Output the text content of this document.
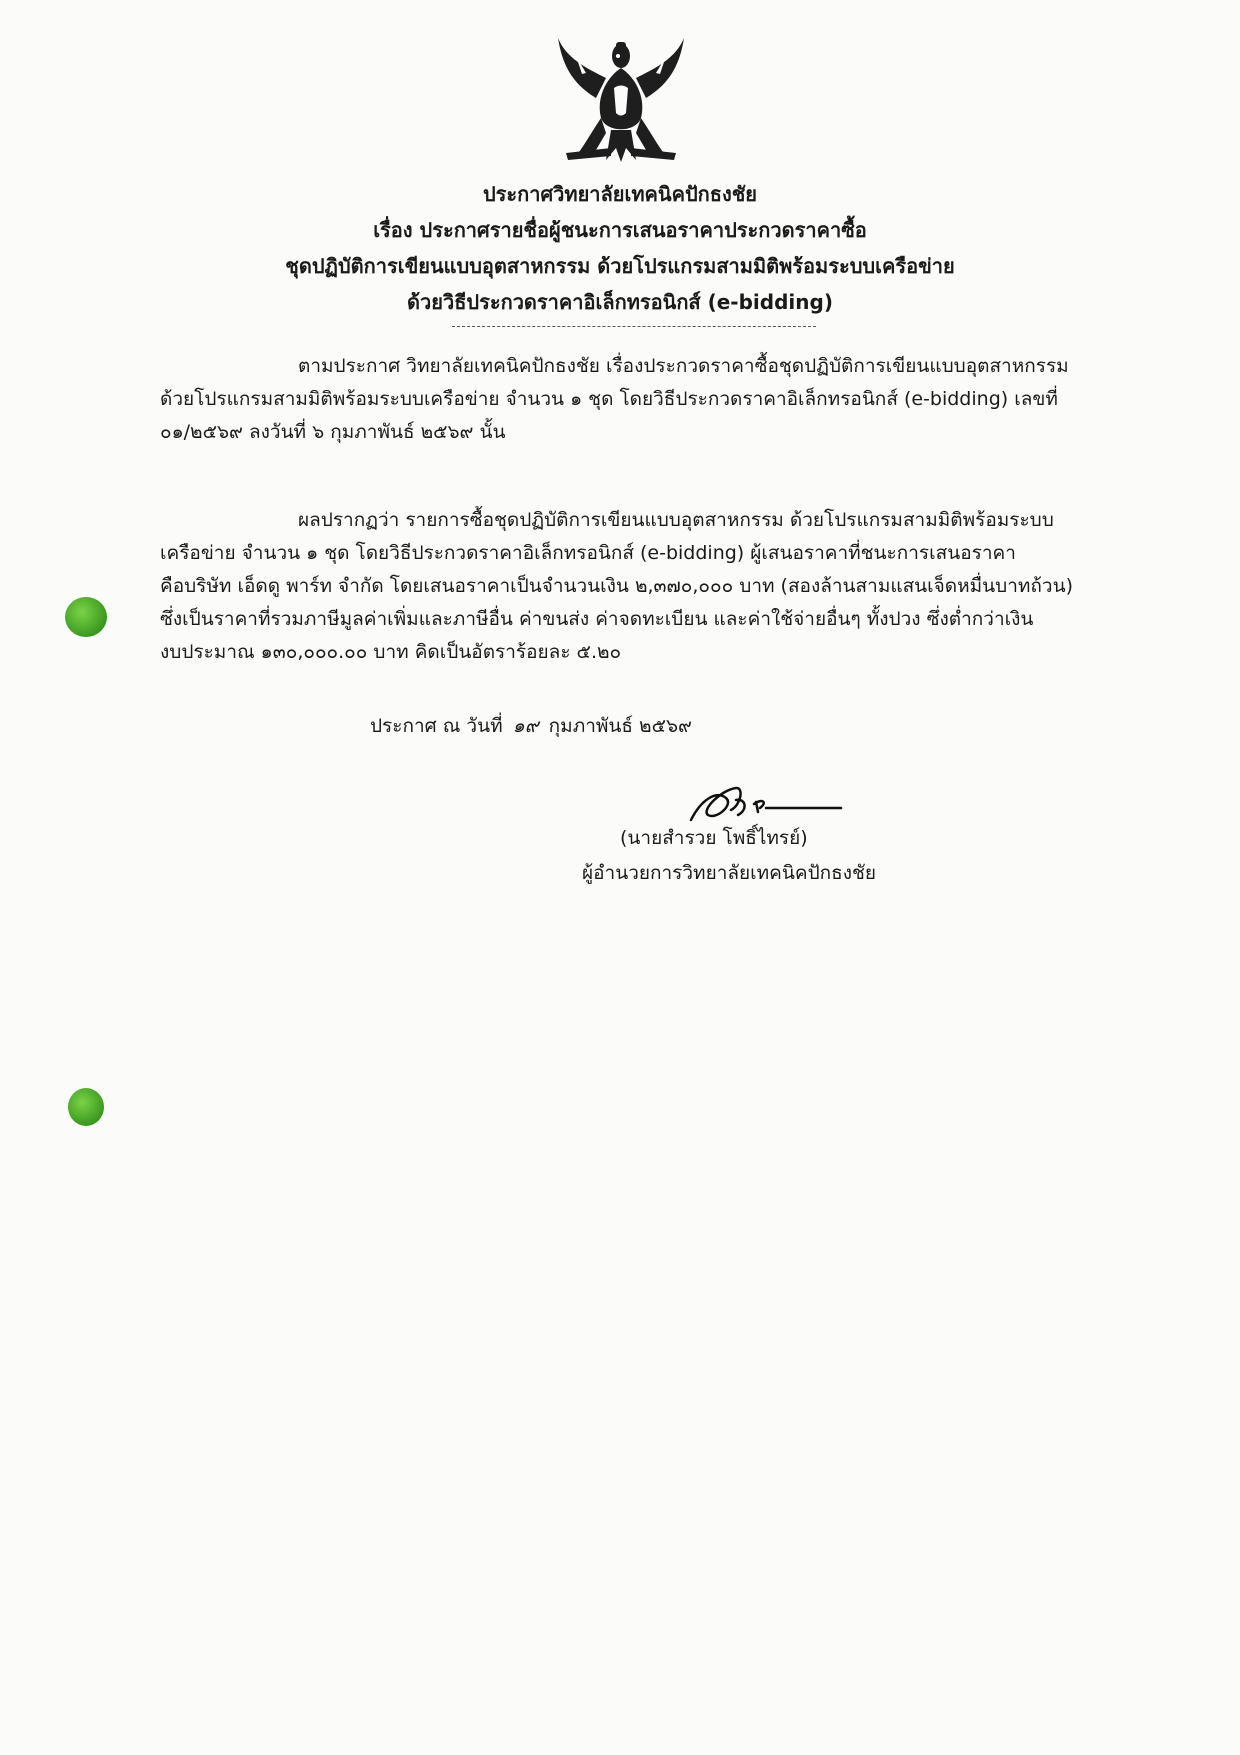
ประกาศวิทยาลัยเทคนิคปักธงชัย
เรื่อง ประกาศรายชื่อผู้ชนะการเสนอราคาประกวดราคาซื้อ
ชุดปฏิบัติการเขียนแบบอุตสาหกรรม ด้วยโปรแกรมสามมิติพร้อมระบบเครือข่าย
ด้วยวิธีประกวดราคาอิเล็กทรอนิกส์ (e-bidding)
ตามประกาศ วิทยาลัยเทคนิคปักธงชัย เรื่องประกวดราคาซื้อชุดปฏิบัติการเขียนแบบอุตสาหกรรม
ด้วยโปรแกรมสามมิติพร้อมระบบเครือข่าย จำนวน ๑ ชุด โดยวิธีประกวดราคาอิเล็กทรอนิกส์ (e-bidding) เลขที่
๐๑/๒๕๖๙ ลงวันที่ ๖ กุมภาพันธ์ ๒๕๖๙ นั้น
ผลปรากฏว่า รายการซื้อชุดปฏิบัติการเขียนแบบอุตสาหกรรม ด้วยโปรแกรมสามมิติพร้อมระบบ
เครือข่าย จำนวน ๑ ชุด โดยวิธีประกวดราคาอิเล็กทรอนิกส์ (e-bidding) ผู้เสนอราคาที่ชนะการเสนอราคา
คือบริษัท เอ็ดดู พาร์ท จำกัด โดยเสนอราคาเป็นจำนวนเงิน ๒,๓๗๐,๐๐๐ บาท (สองล้านสามแสนเจ็ดหมื่นบาทถ้วน)
ซึ่งเป็นราคาที่รวมภาษีมูลค่าเพิ่มและภาษีอื่น ค่าขนส่ง ค่าจดทะเบียน และค่าใช้จ่ายอื่นๆ ทั้งปวง ซึ่งต่ำกว่าเงิน
งบประมาณ ๑๓๐,๐๐๐.๐๐ บาท คิดเป็นอัตราร้อยละ ๕.๒๐
ประกาศ ณ วันที่ ๑๙ กุมภาพันธ์ ๒๕๖๙
(นายสำรวย โพธิ์ไทรย์)
ผู้อำนวยการวิทยาลัยเทคนิคปักธงชัย
